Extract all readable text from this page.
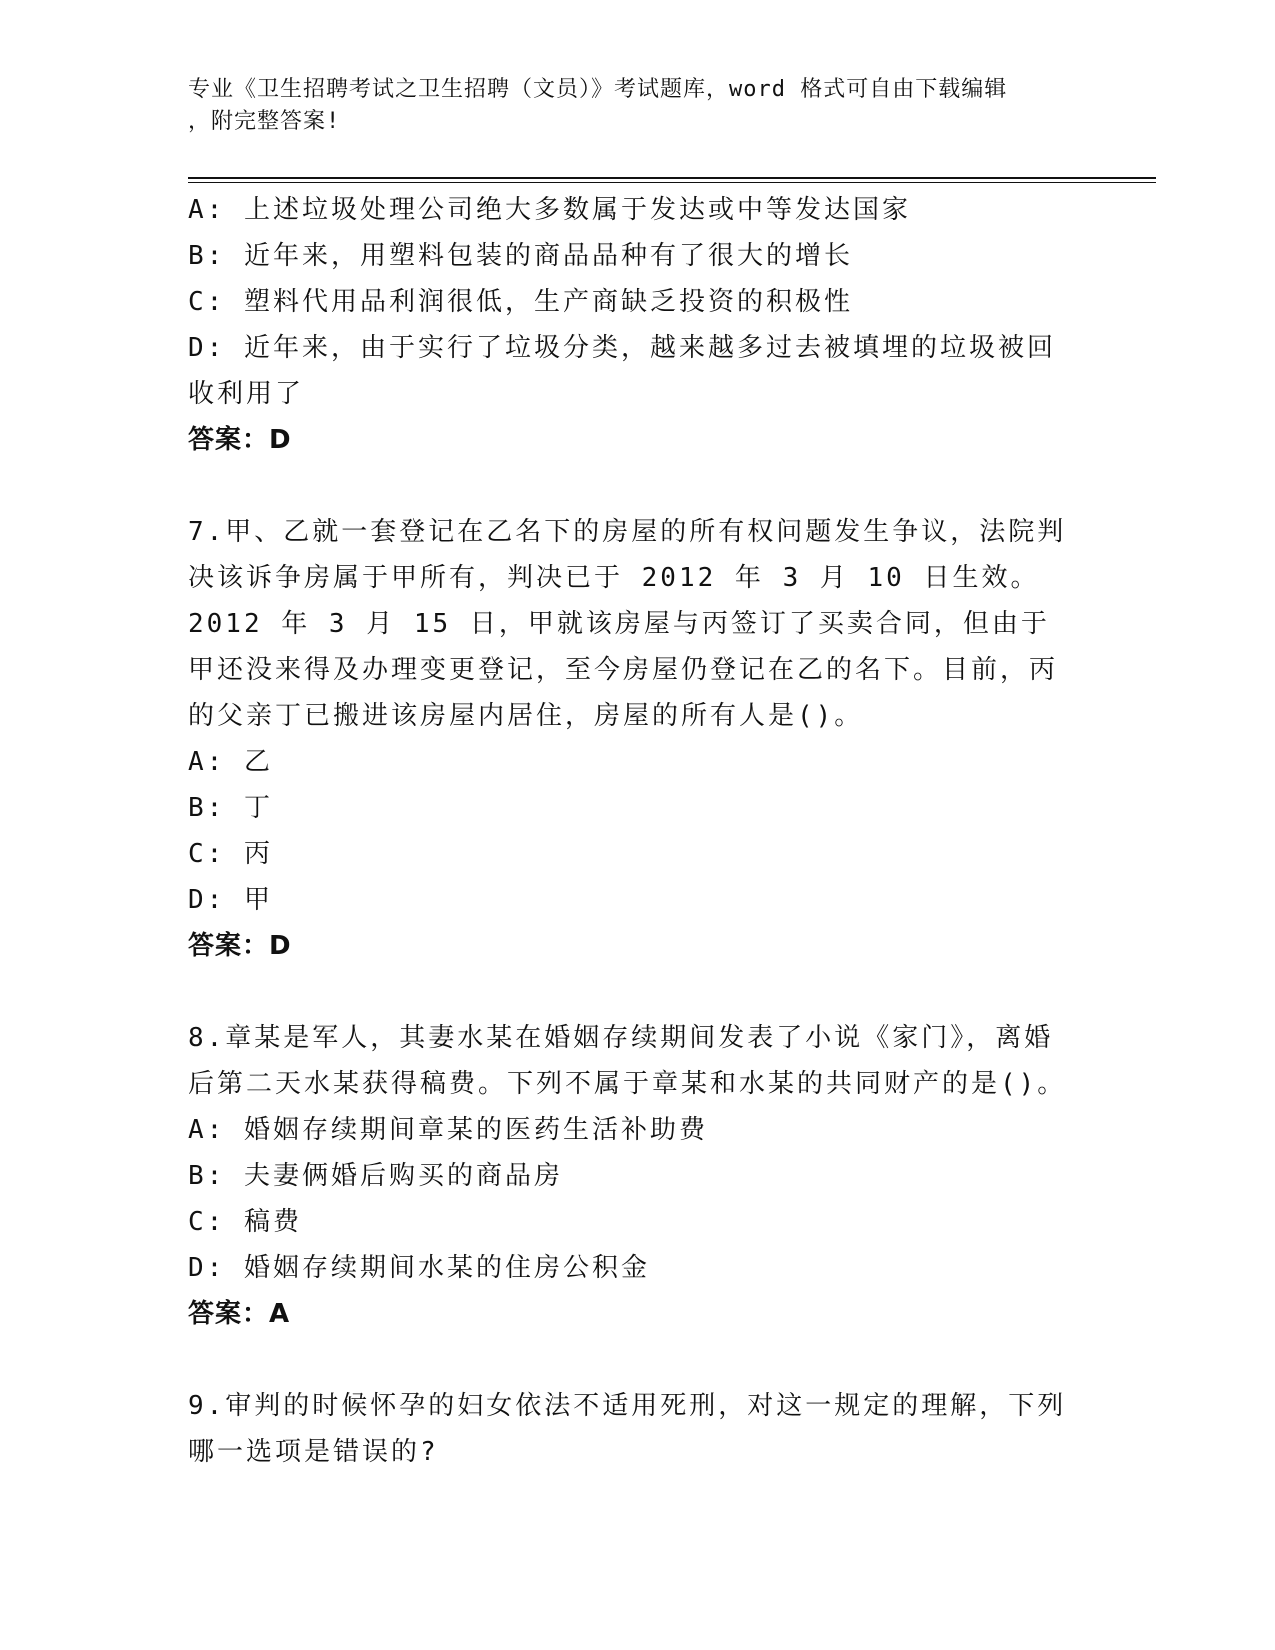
专业《卫生招聘考试之卫生招聘（文员）》考试题库，word 格式可自由下载编辑
，附完整答案!
A: 上述垃圾处理公司绝大多数属于发达或中等发达国家
B: 近年来，用塑料包装的商品品种有了很大的增长
C: 塑料代用品利润很低，生产商缺乏投资的积极性
D: 近年来，由于实行了垃圾分类，越来越多过去被填埋的垃圾被回收利用了
答案：D
7.甲、乙就一套登记在乙名下的房屋的所有权问题发生争议，法院判决该诉争房属于甲所有，判决已于 2012 年 3 月 10 日生效。2012 年 3 月 15 日，甲就该房屋与丙签订了买卖合同，但由于甲还没来得及办理变更登记，至今房屋仍登记在乙的名下。目前，丙的父亲丁已搬进该房屋内居住，房屋的所有人是()。
A: 乙
B: 丁
C: 丙
D: 甲
答案：D
8.章某是军人，其妻水某在婚姻存续期间发表了小说《家门》，离婚后第二天水某获得稿费。下列不属于章某和水某的共同财产的是()。
A: 婚姻存续期间章某的医药生活补助费
B: 夫妻俩婚后购买的商品房
C: 稿费
D: 婚姻存续期间水某的住房公积金
答案：A
9.审判的时候怀孕的妇女依法不适用死刑，对这一规定的理解，下列哪一选项是错误的?
